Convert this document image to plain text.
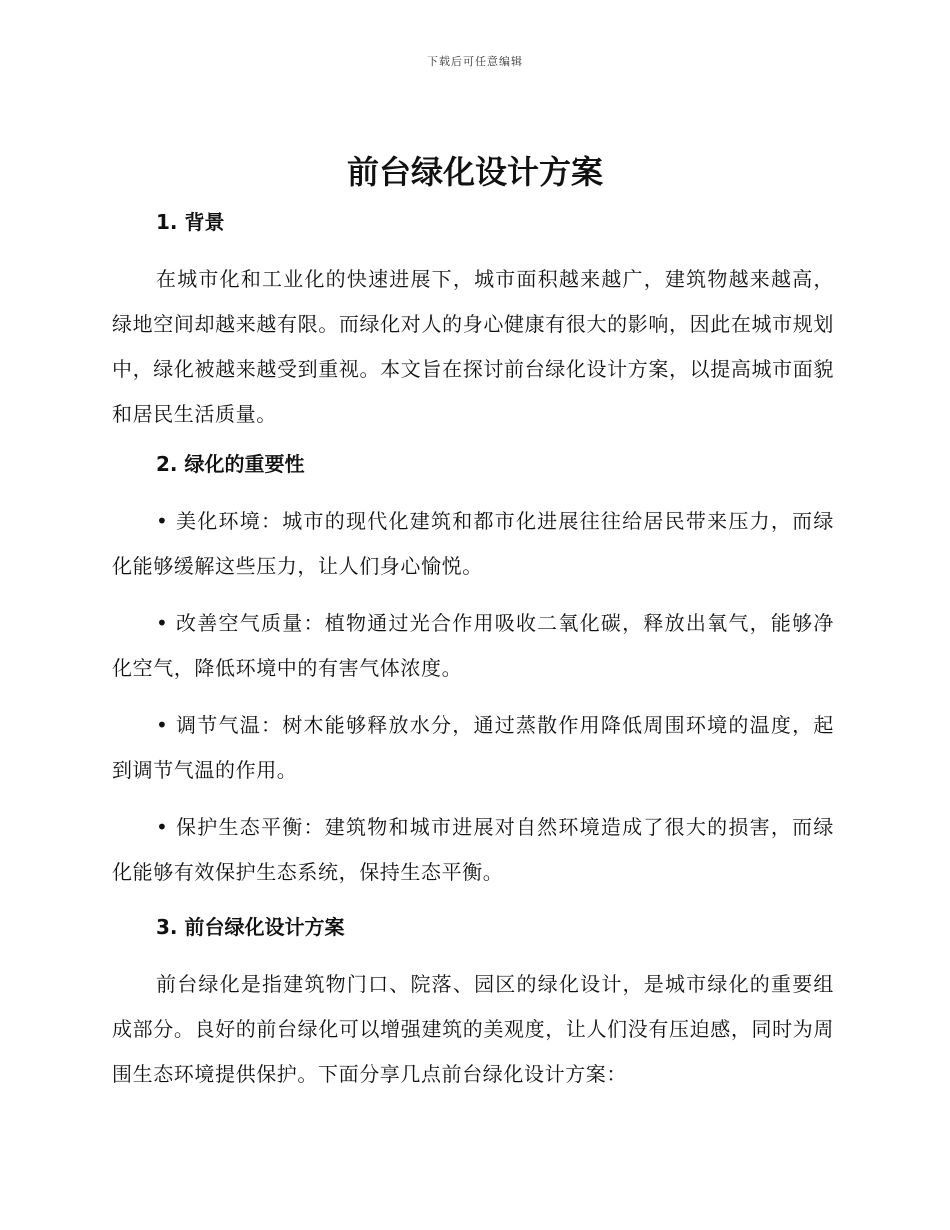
下载后可任意编辑
前台绿化设计方案
1. 背景

在城市化和工业化的快速进展下，城市面积越来越广，建筑物越来越高，绿地空间却越来越有限。而绿化对人的身心健康有很大的影响，因此在城市规划中，绿化被越来越受到重视。本文旨在探讨前台绿化设计方案，以提高城市面貌和居民生活质量。

2. 绿化的重要性

• 美化环境：城市的现代化建筑和都市化进展往往给居民带来压力，而绿化能够缓解这些压力，让人们身心愉悦。

• 改善空气质量：植物通过光合作用吸收二氧化碳，释放出氧气，能够净化空气，降低环境中的有害气体浓度。

• 调节气温：树木能够释放水分，通过蒸散作用降低周围环境的温度，起到调节气温的作用。

• 保护生态平衡：建筑物和城市进展对自然环境造成了很大的损害，而绿化能够有效保护生态系统，保持生态平衡。

3. 前台绿化设计方案

前台绿化是指建筑物门口、院落、园区的绿化设计，是城市绿化的重要组成部分。良好的前台绿化可以增强建筑的美观度，让人们没有压迫感，同时为周围生态环境提供保护。下面分享几点前台绿化设计方案：
